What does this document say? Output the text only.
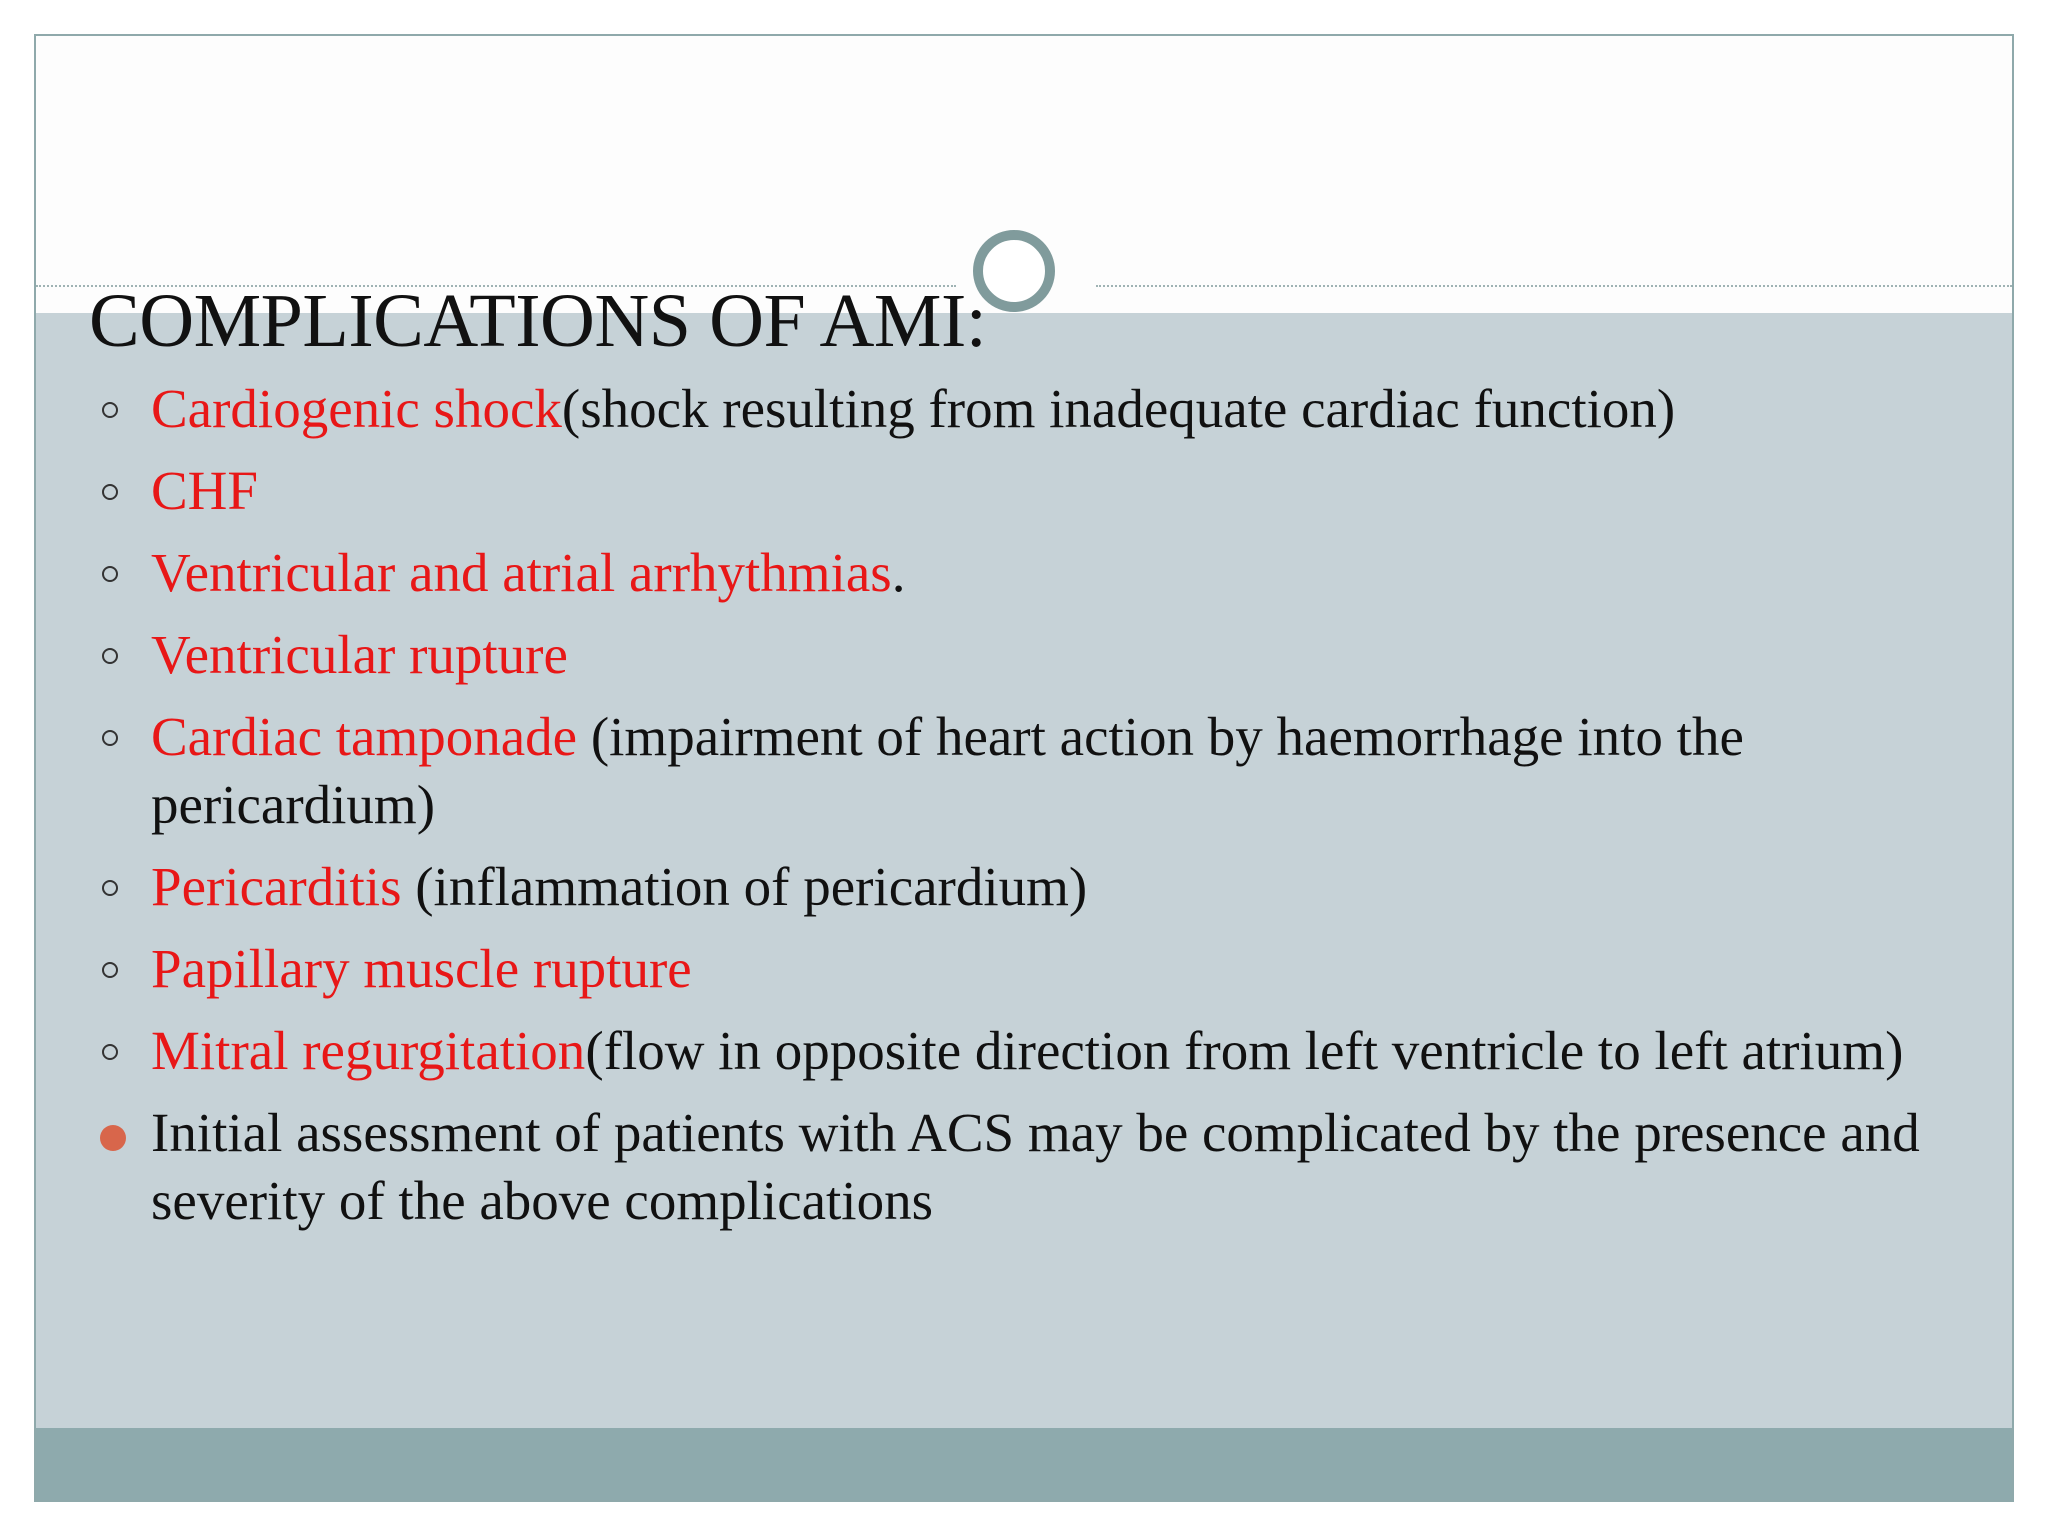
COMPLICATIONS OF AMI:
Cardiogenic shock(shock resulting from inadequate cardiac function)
CHF
Ventricular and atrial arrhythmias.
Ventricular rupture
Cardiac tamponade (impairment of heart action by haemorrhage into the pericardium)
Pericarditis (inflammation of pericardium)
Papillary muscle rupture
Mitral regurgitation(flow in opposite direction from left ventricle to left atrium)
Initial assessment of patients with ACS may be complicated by the presence and severity of the above complications
